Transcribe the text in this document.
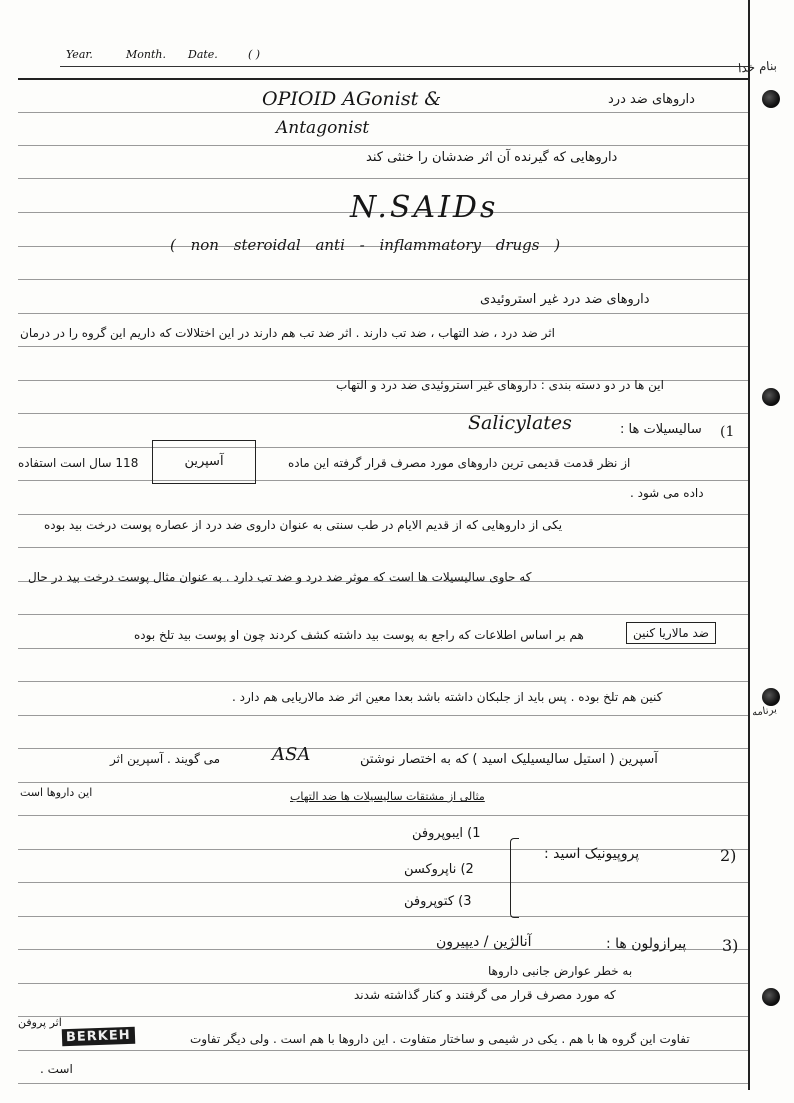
Year.	Month. Date.	( )
بنام خدا
OPIOID AGonist &	داروهای ضد درد
Antagonist
داروهایی که گیرنده آن اثر ضدشان را خنثی کند
N.SAIDs
( non steroidal anti - inflammatory drugs )
داروهای ضد درد غیر استروئیدی
اثر ضد درد ، ضد التهاب ، ضد تب دارند . اثر ضد تب هم دارند در این اختلالات که داریم این گروه را در درمان
این ها در دو دسته بندی : داروهای غیر استروئیدی ضد درد و التهاب
Salicylates	سالیسیلات ها : (1
از نظر قدمت قدیمی ترین داروهای مورد مصرف قرار گرفته این ماده
آسپرین
118 سال است استفاده
داده می شود .
یکی از داروهایی که از قدیم الایام در طب سنتی به عنوان داروی ضد درد از عصاره پوست درخت بید بوده
که حاوی سالیسیلات ها است که موثر ضد درد و ضد تب دارد . به عنوان مثال پوست درخت بید در حال
ضد مالاریا کنین
هم بر اساس اطلاعات که راجع به پوست بید داشته کشف کردند چون او پوست بید تلخ بوده
کنین هم تلخ بوده . پس باید از جلبکان داشته باشد بعدا معین اثر ضد مالاریایی هم دارد .
برنامه
آسپرین ( استیل سالیسیلیک اسید ) که به اختصار نوشتن
ASA
می گویند . آسپرین اثر
این داروها است	مثالی از مشتقات سالیسیلات ها ضد التهاب
2)
پروپیونیک اسید :
1) ایبوپروفن
2) ناپروکسن
3) کتوپروفن
3)
پیرازولون ها :
آنالژین / دیپیرون
به خطر عوارض جانبی داروها
که مورد مصرف قرار می گرفتند و کنار گذاشته شدند
تفاوت این گروه ها با هم . یکی در شیمی و ساختار متفاوت . این داروها با هم است . ولی دیگر تفاوت
اثر پروفن
است .
BERKEH
